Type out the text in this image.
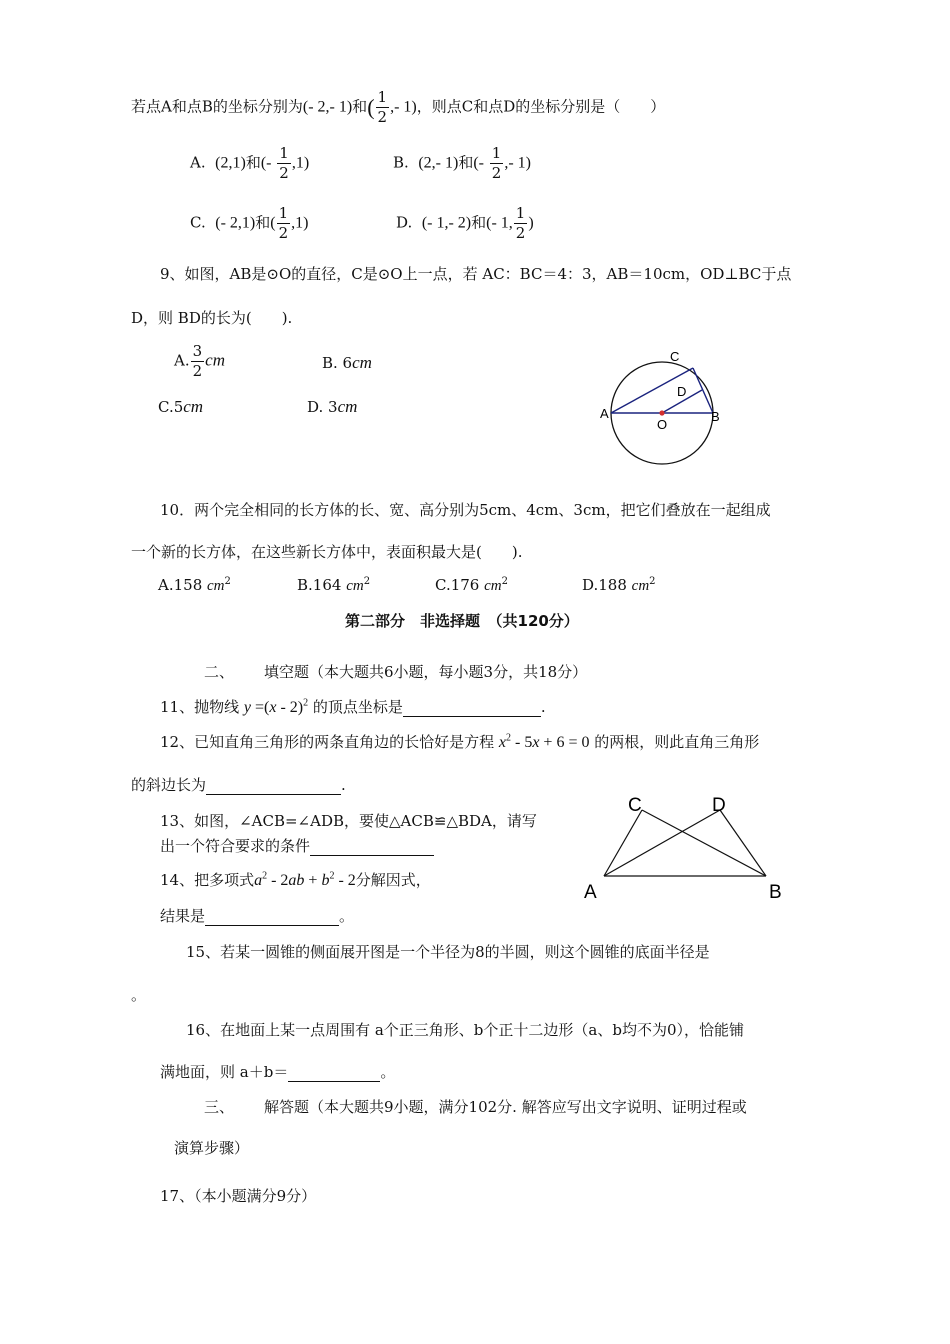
若点A和点B的坐标分别为(- 2,- 1)和( $\frac{1}{2}$ ,- 1)，则点C和点D的坐标分别是（　　）
A. (2,1)和(- $\frac{1}{2} ,1$)	B. (2,- 1)和(- $\frac{1}{2}$ ,- 1)
C. (- 2,1)和( $\frac{1}{2} ,1$)	D. (- 1,- 2)和(- 1, $\frac{1}{2}$ )
9、如图，AB是⊙O的直径，C是⊙O上一点，若 AC：BC＝4：3，AB＝10cm，OD⊥BC于点
D，则 BD的长为(　　).
A. $\frac{3}{2}$ cm	B. 6cm
C.5cm	D. 3cm
C
D
A	B
O
10．两个完全相同的长方体的长、宽、高分别为5cm、4cm、3cm，把它们叠放在一起组成
一个新的长方体，在这些新长方体中，表面积最大是(　　).
A.158 $cm^2$	B.164 $cm^2$	C.176 $cm^2$	D.188 $cm^2$
第二部分　非选择题　（共120分）
二、 填空题（本大题共6小题，每小题3分，共18分）
11、抛物线 y =(x - 2)$^2$ 的顶点坐标是	.
12、已知直角三角形的两条直角边的长恰好是方程 $x^2 - 5x + 6 = 0$ 的两根，则此直角三角形
的斜边长为	.
13、如图，∠ACB=∠ADB，要使△ACB≌△BDA，请写
出一个符合要求的条件
C	D
A	B
14、把多项式$a^2 - 2ab + b^2 - 2$分解因式，
结果是	。
15、若某一圆锥的侧面展开图是一个半径为8的半圆，则这个圆锥的底面半径是
。
16、在地面上某一点周围有 a个正三角形、b个正十二边形（a、b均不为0），恰能铺
满地面，则 a＋b＝	。
三、 解答题（本大题共9小题，满分102分. 解答应写出文字说明、证明过程或
演算步骤）
17、（本小题满分9分）
